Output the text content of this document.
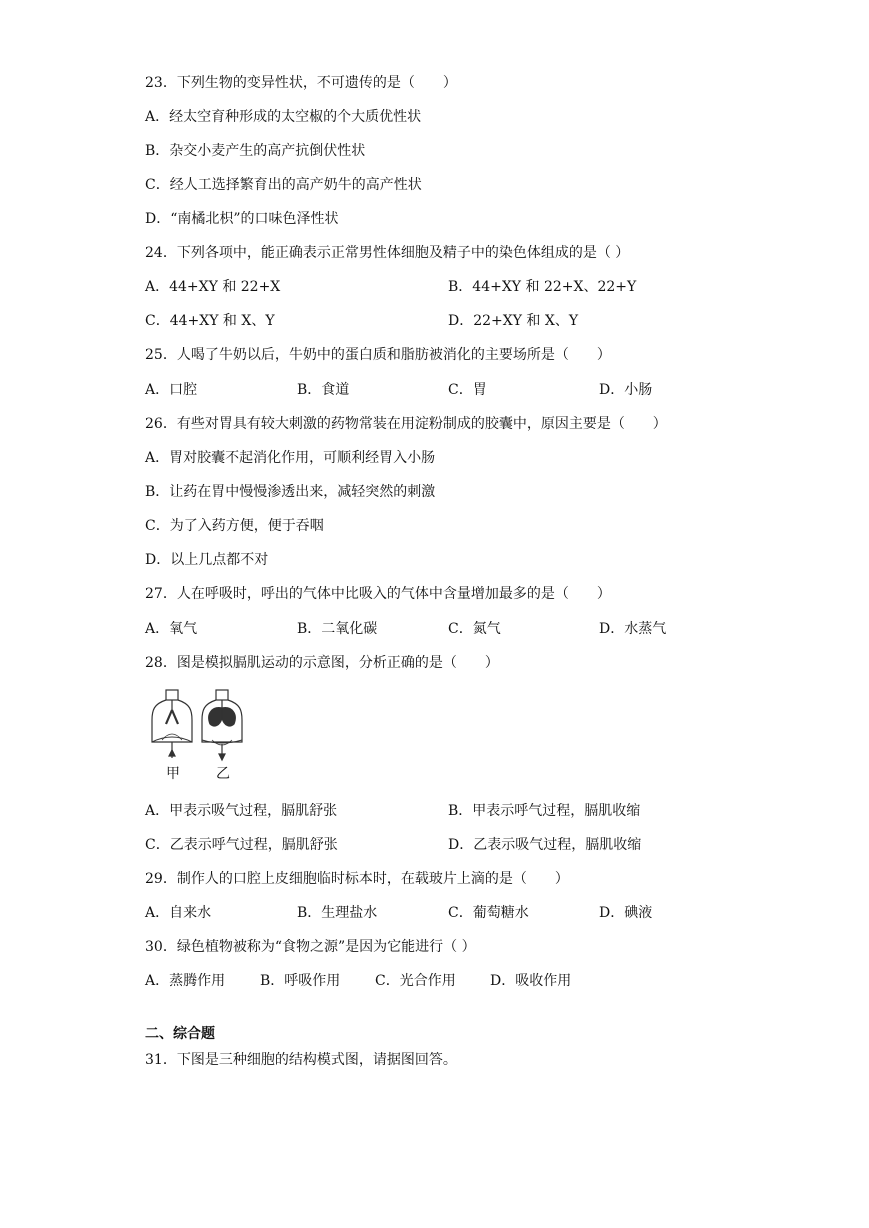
23．下列生物的变异性状，不可遗传的是（　　）
A．经太空育种形成的太空椒的个大质优性状
B．杂交小麦产生的高产抗倒伏性状
C．经人工选择繁育出的高产奶牛的高产性状
D．“南橘北枳”的口味色泽性状
24．下列各项中，能正确表示正常男性体细胞及精子中的染色体组成的是（ ）
A．44+XY 和 22+X	B．44+XY 和 22+X、22+Y
C．44+XY 和 X、Y	D．22+XY 和 X、Y
25．人喝了牛奶以后，牛奶中的蛋白质和脂肪被消化的主要场所是（　　）
A．口腔	B．食道	C．胃	D．小肠
26．有些对胃具有较大刺激的药物常装在用淀粉制成的胶囊中，原因主要是（　　）
A．胃对胶囊不起消化作用，可顺利经胃入小肠
B．让药在胃中慢慢渗透出来，减轻突然的刺激
C．为了入药方便，便于吞咽
D．以上几点都不对
27．人在呼吸时，呼出的气体中比吸入的气体中含量增加最多的是（　　）
A．氧气	B．二氧化碳	C．氮气	D．水蒸气
28．图是模拟膈肌运动的示意图，分析正确的是（　　）
甲	乙
A．甲表示吸气过程，膈肌舒张	B．甲表示呼气过程，膈肌收缩
C．乙表示呼气过程，膈肌舒张	D．乙表示吸气过程，膈肌收缩
29．制作人的口腔上皮细胞临时标本时，在载玻片上滴的是（　　）
A．自来水	B．生理盐水	C．葡萄糖水	D．碘液
30．绿色植物被称为“食物之源”是因为它能进行（ ）
A．蒸腾作用 B．呼吸作用 C．光合作用 D．吸收作用
二、综合题
31．下图是三种细胞的结构模式图，请据图回答。
